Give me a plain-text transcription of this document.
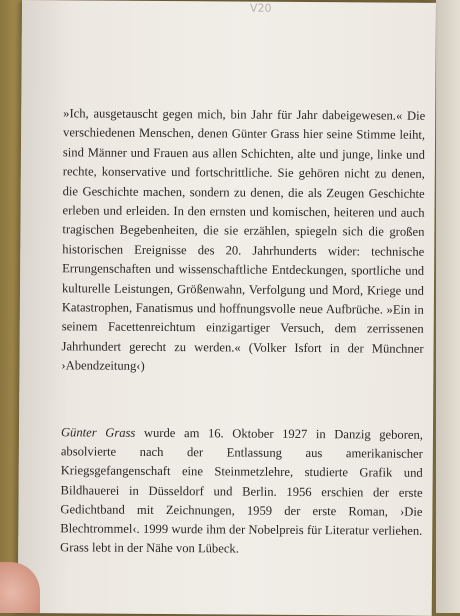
V20

»Ich, ausgetauscht gegen mich, bin Jahr für Jahr dabeigewesen.« Die verschiedenen Menschen, denen Günter Grass hier seine Stimme leiht, sind Männer und Frauen aus allen Schichten, alte und junge, linke und rechte, konservative und fortschrittliche. Sie gehören nicht zu denen, die Geschichte machen, sondern zu denen, die als Zeugen Geschichte erleben und erleiden. In den ernsten und komischen, heiteren und auch tragischen Begebenheiten, die sie erzählen, spiegeln sich die großen historischen Ereignisse des 20. Jahrhunderts wider: technische Errungenschaften und wissenschaftliche Entdeckungen, sportliche und kulturelle Leistungen, Größenwahn, Verfolgung und Mord, Kriege und Katastrophen, Fanatismus und hoffnungsvolle neue Aufbrüche. »Ein in seinem Facettenreichtum einzigartiger Versuch, dem zerrissenen Jahrhundert gerecht zu werden.« (Volker Isfort in der Münchner ›Abendzeitung‹)

Günter Grass wurde am 16. Oktober 1927 in Danzig geboren, absolvierte nach der Entlassung aus amerikanischer Kriegsgefangenschaft eine Steinmetzlehre, studierte Grafik und Bildhauerei in Düsseldorf und Berlin. 1956 erschien der erste Gedichtband mit Zeichnungen, 1959 der erste Roman, ›Die Blechtrommel‹. 1999 wurde ihm der Nobelpreis für Literatur verliehen. Grass lebt in der Nähe von Lübeck.
